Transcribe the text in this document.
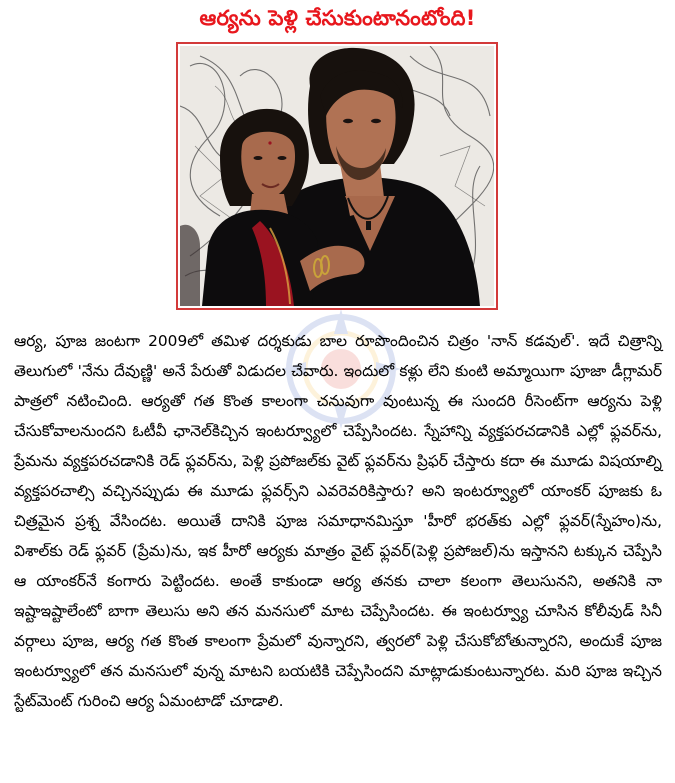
ఆర్యను పెళ్లి చేసుకుంటానంటోంది!

ఆర్య, పూజ జంటగా 2009లో తమిళ దర్శకుడు బాల రూపొందించిన చిత్రం 'నాన్ కడవుల్'. ఇదే చిత్రాన్ని తెలుగులో 'నేను దేవుణ్ణి' అనే పేరుతో విడుదల చేవారు. ఇందులో కళ్లు లేని కుంటి అమ్మాయిగా పూజా డీగ్లామర్ పాత్రలో నటించింది. ఆర్యతో గత కొంత కాలంగా చనువుగా వుంటున్న ఈ సుందరి రీసెంట్‌గా ఆర్యను పెళ్లి చేసుకోవాలనుందని ఓటీవీ ఛానెల్‌కిచ్చిన ఇంటర్వ్యూలో చెప్పేసిందట. స్నేహాన్ని వ్యక్తపరచడానికి ఎల్లో ఫ్లవర్‌ను, ప్రేమను వ్యక్తపరచడానికి రెడ్ ఫ్లవర్‌ను, పెళ్లి ప్రపోజల్‌కు వైట్ ఫ్లవర్‌ను ప్రిఫర్ చేస్తారు కదా ఈ మూడు విషయాల్ని వ్యక్తపరచాల్సి వచ్చినప్పుడు ఈ మూడు ఫ్లవర్స్‌ని ఎవరెవరికిస్తారు? అని ఇంటర్వ్యూలో యాంకర్ పూజకు ఓ చిత్రమైన ప్రశ్న వేసిందట. అయితే దానికి పూజ సమాధానమిస్తూ 'హీరో భరత్‌కు ఎల్లో ఫ్లవర్(స్నేహం)ను, విశాల్‌కు రెడ్ ఫ్లవర్ (ప్రేమ)ను, ఇక హీరో ఆర్యకు మాత్రం వైట్ ఫ్లవర్(పెళ్లి ప్రపోజల్)ను ఇస్తానని టక్కున చెప్పేసి ఆ యాంకర్‌నే కంగారు పెట్టిందట. అంతే కాకుండా ఆర్య తనకు చాలా కలంగా తెలుసునని, అతనికి నా ఇష్టాఇష్టాలేంటో బాగా తెలుసు అని తన మనసులో మాట చెప్పేసిందట. ఈ ఇంటర్వ్యూ చూసిన కోలీవుడ్ సినీ వర్గాలు పూజ, ఆర్య గత కొంత కాలంగా ప్రేమలో వున్నారని, త్వరలో పెళ్లి చేసుకోబోతున్నారని, అందుకే పూజ ఇంటర్వ్యూలో తన మనసులో వున్న మాటని బయటికి చెప్పేసిందని మాట్లాడుకుంటున్నారట. మరి పూజ ఇచ్చిన స్టేట్‌మెంట్ గురించి ఆర్య ఏమంటాడో చూడాలి.
